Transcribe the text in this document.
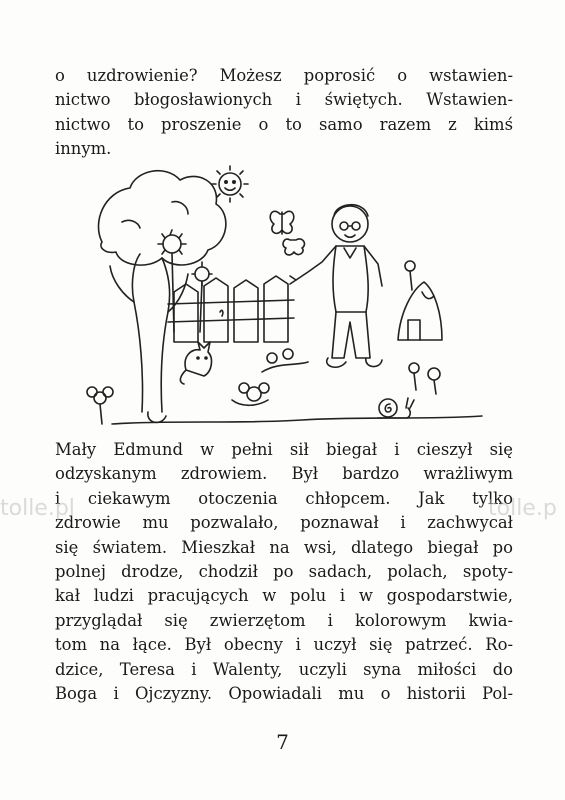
o uzdrowienie? Możesz poprosić o wstawien-
nictwo błogosławionych i świętych. Wstawien-
nictwo to proszenie o to samo razem z kimś
innym.
Mały Edmund w pełni sił biegał i cieszył się
odzyskanym zdrowiem. Był bardzo wrażliwym
i ciekawym otoczenia chłopcem. Jak tylko
zdrowie mu pozwalało, poznawał i zachwycał
się światem. Mieszkał na wsi, dlatego biegał po
polnej drodze, chodził po sadach, polach, spoty-
kał ludzi pracujących w polu i w gospodarstwie,
przyglądał się zwierzętom i kolorowym kwia-
tom na łące. Był obecny i uczył się patrzeć. Ro-
dzice, Teresa i Walenty, uczyli syna miłości do
Boga i Ojczyzny. Opowiadali mu o historii Pol-
tolle.pl	tolle.p
7
